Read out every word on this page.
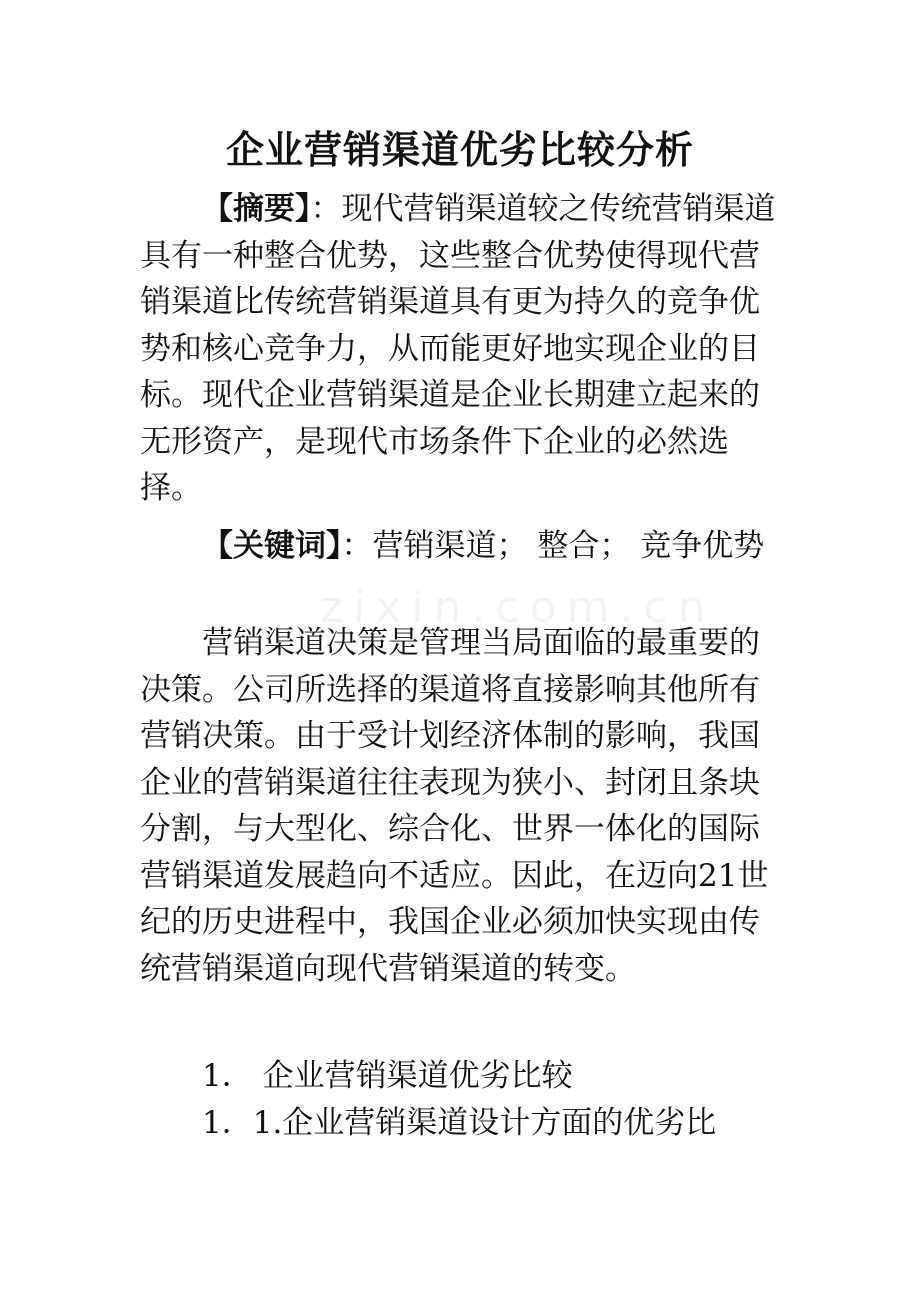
企业营销渠道优劣比较分析

【摘要】：现代营销渠道较之传统营销渠道具有一种整合优势，这些整合优势使得现代营销渠道比传统营销渠道具有更为持久的竞争优势和核心竞争力，从而能更好地实现企业的目标。现代企业营销渠道是企业长期建立起来的无形资产，是现代市场条件下企业的必然选择。

【关键词】：营销渠道； 整合； 竞争优势

zixin.com.cn

营销渠道决策是管理当局面临的最重要的决策。公司所选择的渠道将直接影响其他所有营销决策。由于受计划经济体制的影响，我国企业的营销渠道往往表现为狭小、封闭且条块分割，与大型化、综合化、世界一体化的国际营销渠道发展趋向不适应。因此，在迈向21世纪的历史进程中，我国企业必须加快实现由传统营销渠道向现代营销渠道的转变。

1． 企业营销渠道优劣比较

1．1.企业营销渠道设计方面的优劣比
